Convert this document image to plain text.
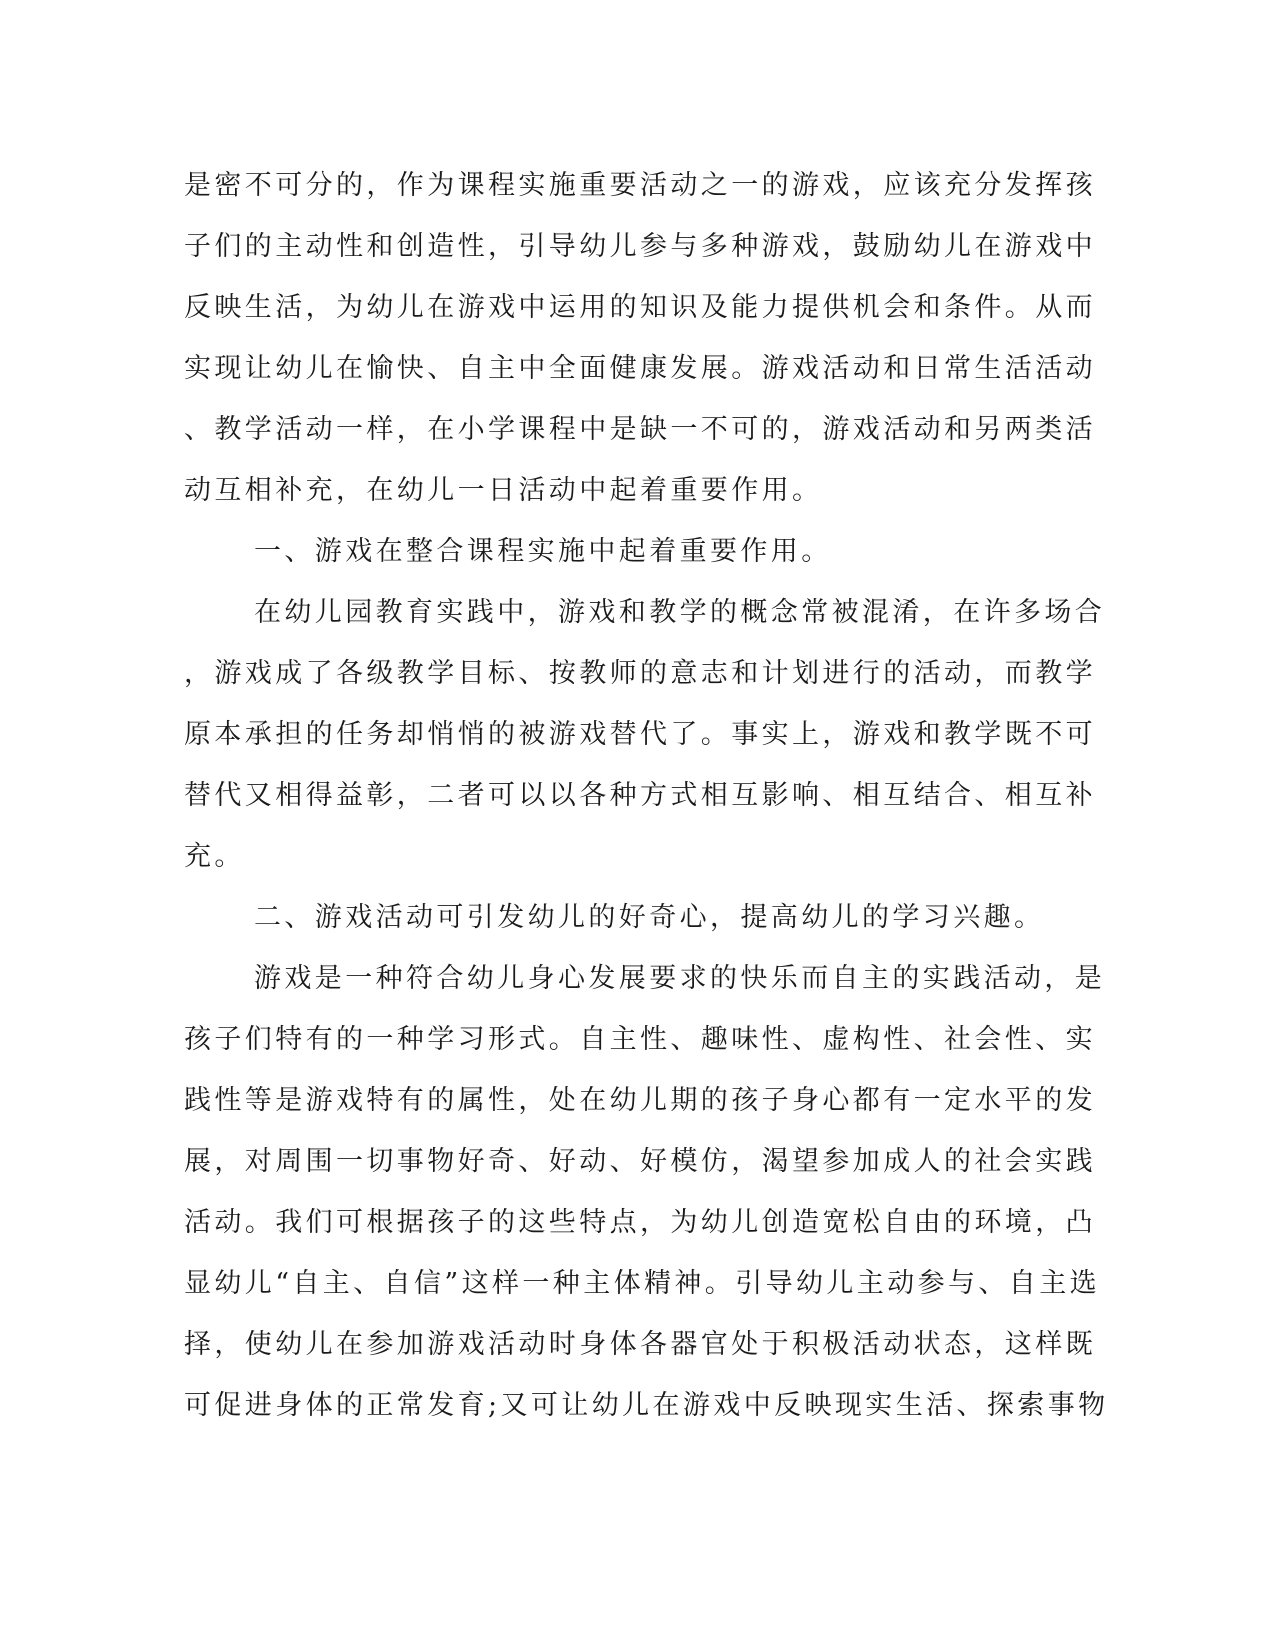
是密不可分的，作为课程实施重要活动之一的游戏，应该充分发挥孩
子们的主动性和创造性，引导幼儿参与多种游戏，鼓励幼儿在游戏中
反映生活，为幼儿在游戏中运用的知识及能力提供机会和条件。从而
实现让幼儿在愉快、自主中全面健康发展。游戏活动和日常生活活动
、教学活动一样，在小学课程中是缺一不可的，游戏活动和另两类活
动互相补充，在幼儿一日活动中起着重要作用。
一、游戏在整合课程实施中起着重要作用。
在幼儿园教育实践中，游戏和教学的概念常被混淆，在许多场合
，游戏成了各级教学目标、按教师的意志和计划进行的活动，而教学
原本承担的任务却悄悄的被游戏替代了。事实上，游戏和教学既不可
替代又相得益彰，二者可以以各种方式相互影响、相互结合、相互补
充。
二、游戏活动可引发幼儿的好奇心，提高幼儿的学习兴趣。
游戏是一种符合幼儿身心发展要求的快乐而自主的实践活动，是
孩子们特有的一种学习形式。自主性、趣味性、虚构性、社会性、实
践性等是游戏特有的属性，处在幼儿期的孩子身心都有一定水平的发
展，对周围一切事物好奇、好动、好模仿，渴望参加成人的社会实践
活动。我们可根据孩子的这些特点，为幼儿创造宽松自由的环境，凸
显幼儿“自主、自信”这样一种主体精神。引导幼儿主动参与、自主选
择，使幼儿在参加游戏活动时身体各器官处于积极活动状态，这样既
可促进身体的正常发育;又可让幼儿在游戏中反映现实生活、探索事物
